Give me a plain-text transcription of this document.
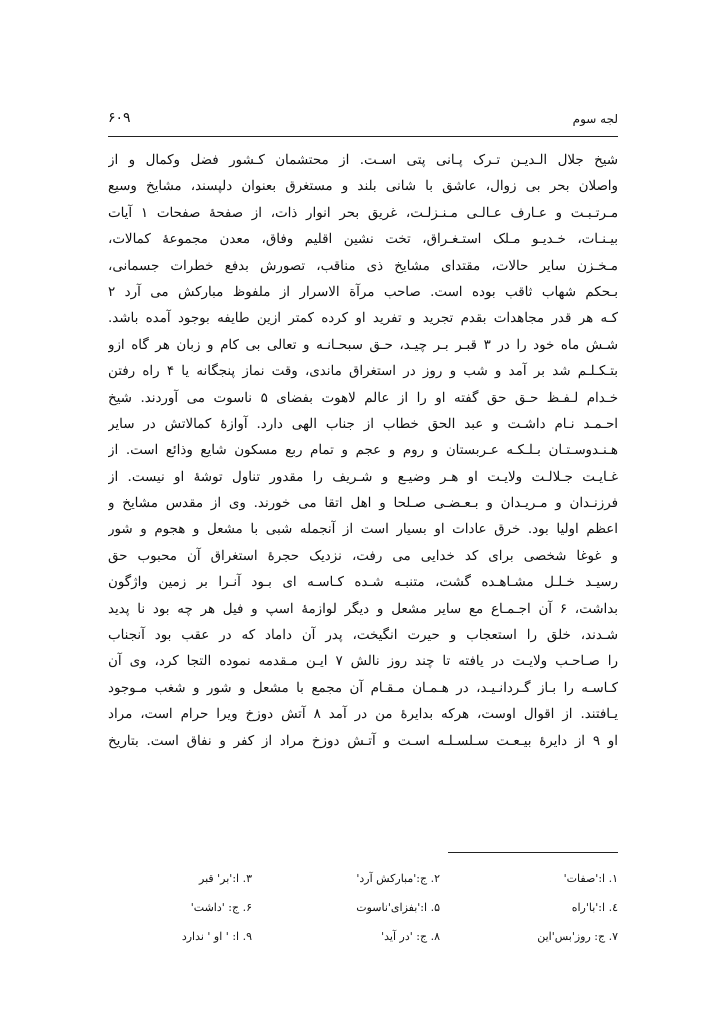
لجه سوم
۶۰۹
شیخ جلال الـدیـن تـرک پـانی پتی اسـت. از محتشمان کـشور فضل وکمال و از
واصلان بحر بی زوال، عاشق با شانی بلند و مستغرق بعنوان دلپسند، مشایخ وسیع
مـرتـبـت و عـارف عـالـی مـنـزلـت، غریق بحر انوار ذات، از صفحهٔ صفحات ۱ آیات
بیـنـات، خـدیـو مـلک استـغـراق، تخت نشین اقلیم وفاق، معدن مجموعهٔ کمالات،
مـخـزن سایر حالات، مقتدای مشایخ ذی مناقب، تصورش بدفع خطرات جسمانی،
بـحکم شهاب ثاقب بوده است. صاحب مرآة الاسرار از ملفوظ مبارکش می آرد ۲
کـه هر قدر مجاهدات بقدم تجرید و تفرید او کرده کمتر ازین طایفه بوجود آمده باشد.
شـش ماه خود را در ۳ قبـر بـر چیـد، حـق سبحـانـه و تعالی بی کام و زبان هر گاه ازو
بتـکـلـم شد بر آمد و شب و روز در استغراق ماندی، وقت نماز پنجگانه یا ۴ راه رفتن
خـدام لـفـظ حـق حق گفته او را از عالم لاهوت بفضای ۵ ناسوت می آوردند. شیخ
احـمـد نـام داشـت و عبد الحق خطاب از جناب الهی دارد. آوازهٔ کمالاتش در سایر
هـنـدوسـتـان بـلـکـه عـربستان و روم و عجم و تمام ربع مسکون شایع وذائع است. از
غـایـت جـلالـت ولایـت او هـر وضیـع و شـریف را مقدور تناول توشهٔ او نیست. از
فرزنـدان و مـریـدان و بـعـضـی صـلحا و اهل اتقا می خورند. وی از مقدس مشایخ و
اعظم اولیا بود. خرق عادات او بسیار است از آنجمله شبی با مشعل و هجوم و شور
و غوغا شخصی برای کد خدایی می رفت، نزدیک حجرهٔ استغراق آن محبوب حق
رسیـد خـلـل مشـاهـده گشت، متنبـه شـده کـاسـه ای بـود آنـرا بر زمین واژگون
بداشت، ۶ آن اجـمـاع مع سایر مشعل و دیگر لوازمهٔ اسپ و فیل هر چه بود نا پدید
شـدند، خلق را استعجاب و حیرت انگیخت، پدر آن داماد که در عقب بود آنجناب
را صـاحـب ولایـت در یافته تا چند روز نالش ۷ ایـن مـقدمه نموده التجا کرد، وی آن
کـاسـه را بـاز گـردانـیـد، در هـمـان مـقـام آن مجمع با مشعل و شور و شغب مـوجود
یـافتند. از اقوال اوست، هرکه بدایرهٔ من در آمد ۸ آتش دوزخ ویرا حرام است، مراد
او ۹ از دایرهٔ بیـعـت سـلسـلـه اسـت و آتـش دوزخ مراد از کفر و نفاق است. بتاریخ
۱. ا:'صفات'
۲. ج:'مبارکش آرد'
۳. ا:'بر' قبر
٤. ا:'با'راه
۵. ا:'بفزای'ناسوت
۶. ج: 'داشت'
۷. ج: روز'بس'این
۸. ج: 'در آید'
۹. ا: ' او ' ندارد
